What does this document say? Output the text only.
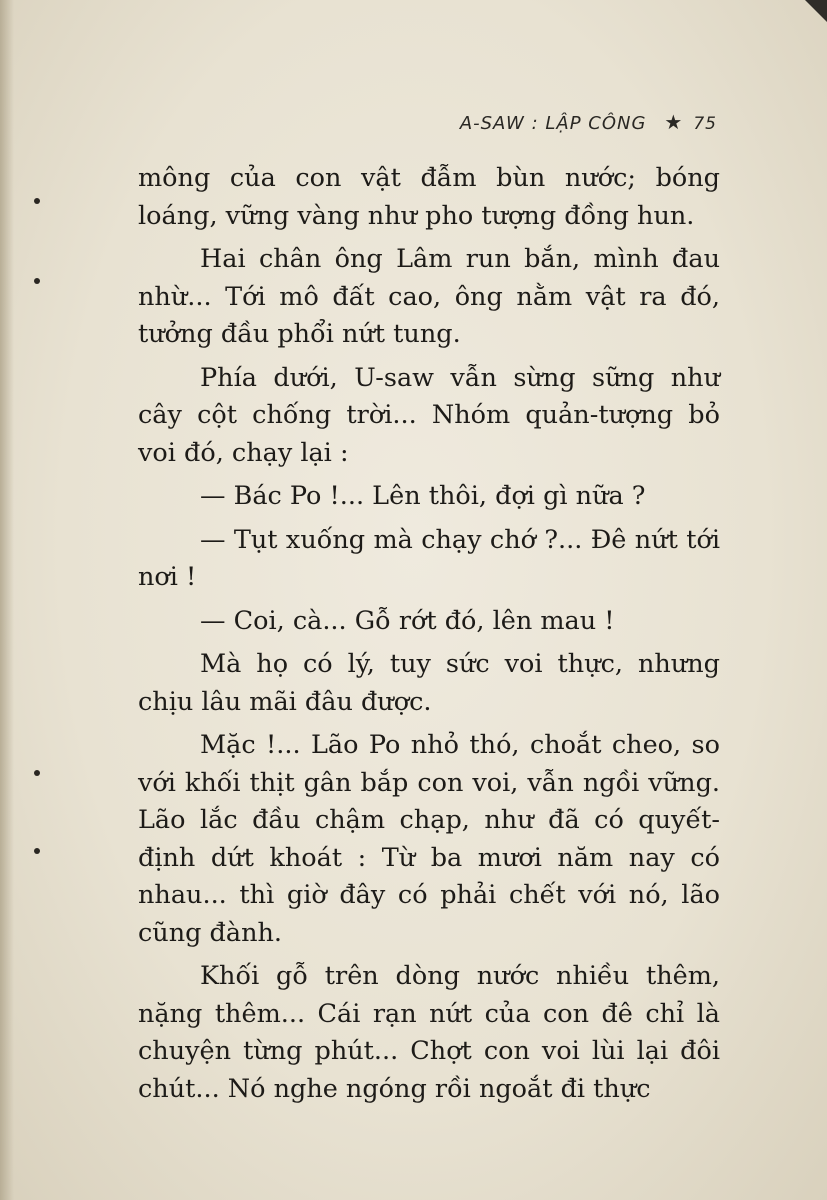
A-SAW : LẬP CÔNG ★ 75

mông của con vật đẫm bùn nước; bóng loáng, vững vàng như pho tượng đồng hun.

Hai chân ông Lâm run bắn, mình đau nhừ... Tới mô đất cao, ông nằm vật ra đó, tưởng đầu phổi nứt tung.

Phía dưới, U-saw vẫn sừng sững như cây cột chống trời... Nhóm quản-tượng bỏ voi đó, chạy lại :

— Bác Po !... Lên thôi, đợi gì nữa ?

— Tụt xuống mà chạy chớ ?... Đê nứt tới nơi !

— Coi, cà... Gỗ rớt đó, lên mau !

Mà họ có lý, tuy sức voi thực, nhưng chịu lâu mãi đâu được.

Mặc !... Lão Po nhỏ thó, choắt cheo, so với khối thịt gân bắp con voi, vẫn ngồi vững. Lão lắc đầu chậm chạp, như đã có quyết-định dứt khoát : Từ ba mươi năm nay có nhau... thì giờ đây có phải chết với nó, lão cũng đành.

Khối gỗ trên dòng nước nhiều thêm, nặng thêm... Cái rạn nứt của con đê chỉ là chuyện từng phút... Chợt con voi lùi lại đôi chút... Nó nghe ngóng rồi ngoắt đi thực
